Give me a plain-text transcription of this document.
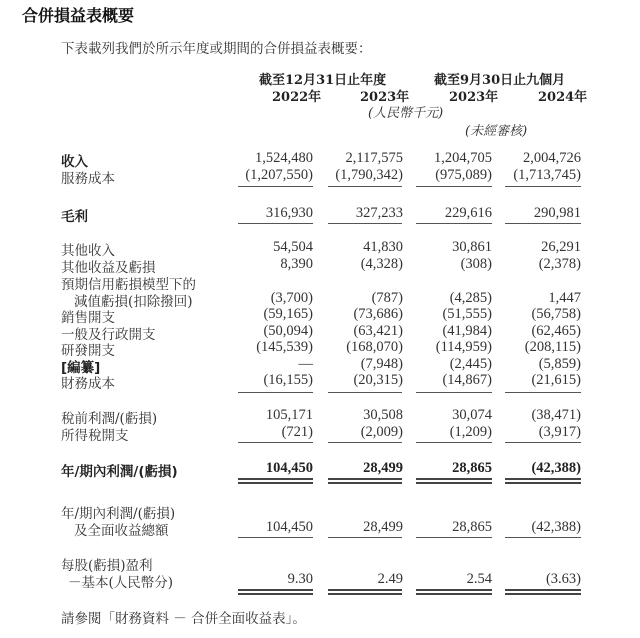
合併損益表概要
下表載列我們於所示年度或期間的合併損益表概要：
截至12月31日止年度	截至9月30日止九個月
2022年	2023年	2023年	2024年
(人民幣千元)
(未經審核)
收入	1,524,480 2,117,575 1,204,705 2,004,726
服務成本	(1,207,550) (1,790,342) (975,089) (1,713,745)
毛利	316,930	327,233	229,616	290,981
其他收入	54,504	41,830	30,861	26,291
其他收益及虧損	8,390	(4,328)	(308)	(2,378)
預期信用虧損模型下的
減值虧損(扣除撥回)	(3,700)	(787)	(4,285)	1,447
銷售開支	(59,165)	(73,686)	(51,555)	(56,758)
一般及行政開支	(50,094)	(63,421)	(41,984)	(62,465)
研發開支	(145,539) (168,070) (114,959) (208,115)
[編纂]	—	(7,948)	(2,445)	(5,859)
財務成本	(16,155)	(20,315)	(14,867)	(21,615)
稅前利潤/(虧損)	105,171	30,508	30,074	(38,471)
所得稅開支	(721)	(2,009)	(1,209)	(3,917)
年/期內利潤/(虧損)	104,450	28,499	28,865	(42,388)
年/期內利潤/(虧損)
及全面收益總額	104,450	28,499	28,865	(42,388)
每股(虧損)盈利
－基本(人民幣分)	9.30	2.49	2.54	(3.63)
請參閱「財務資料 － 合併全面收益表」。
